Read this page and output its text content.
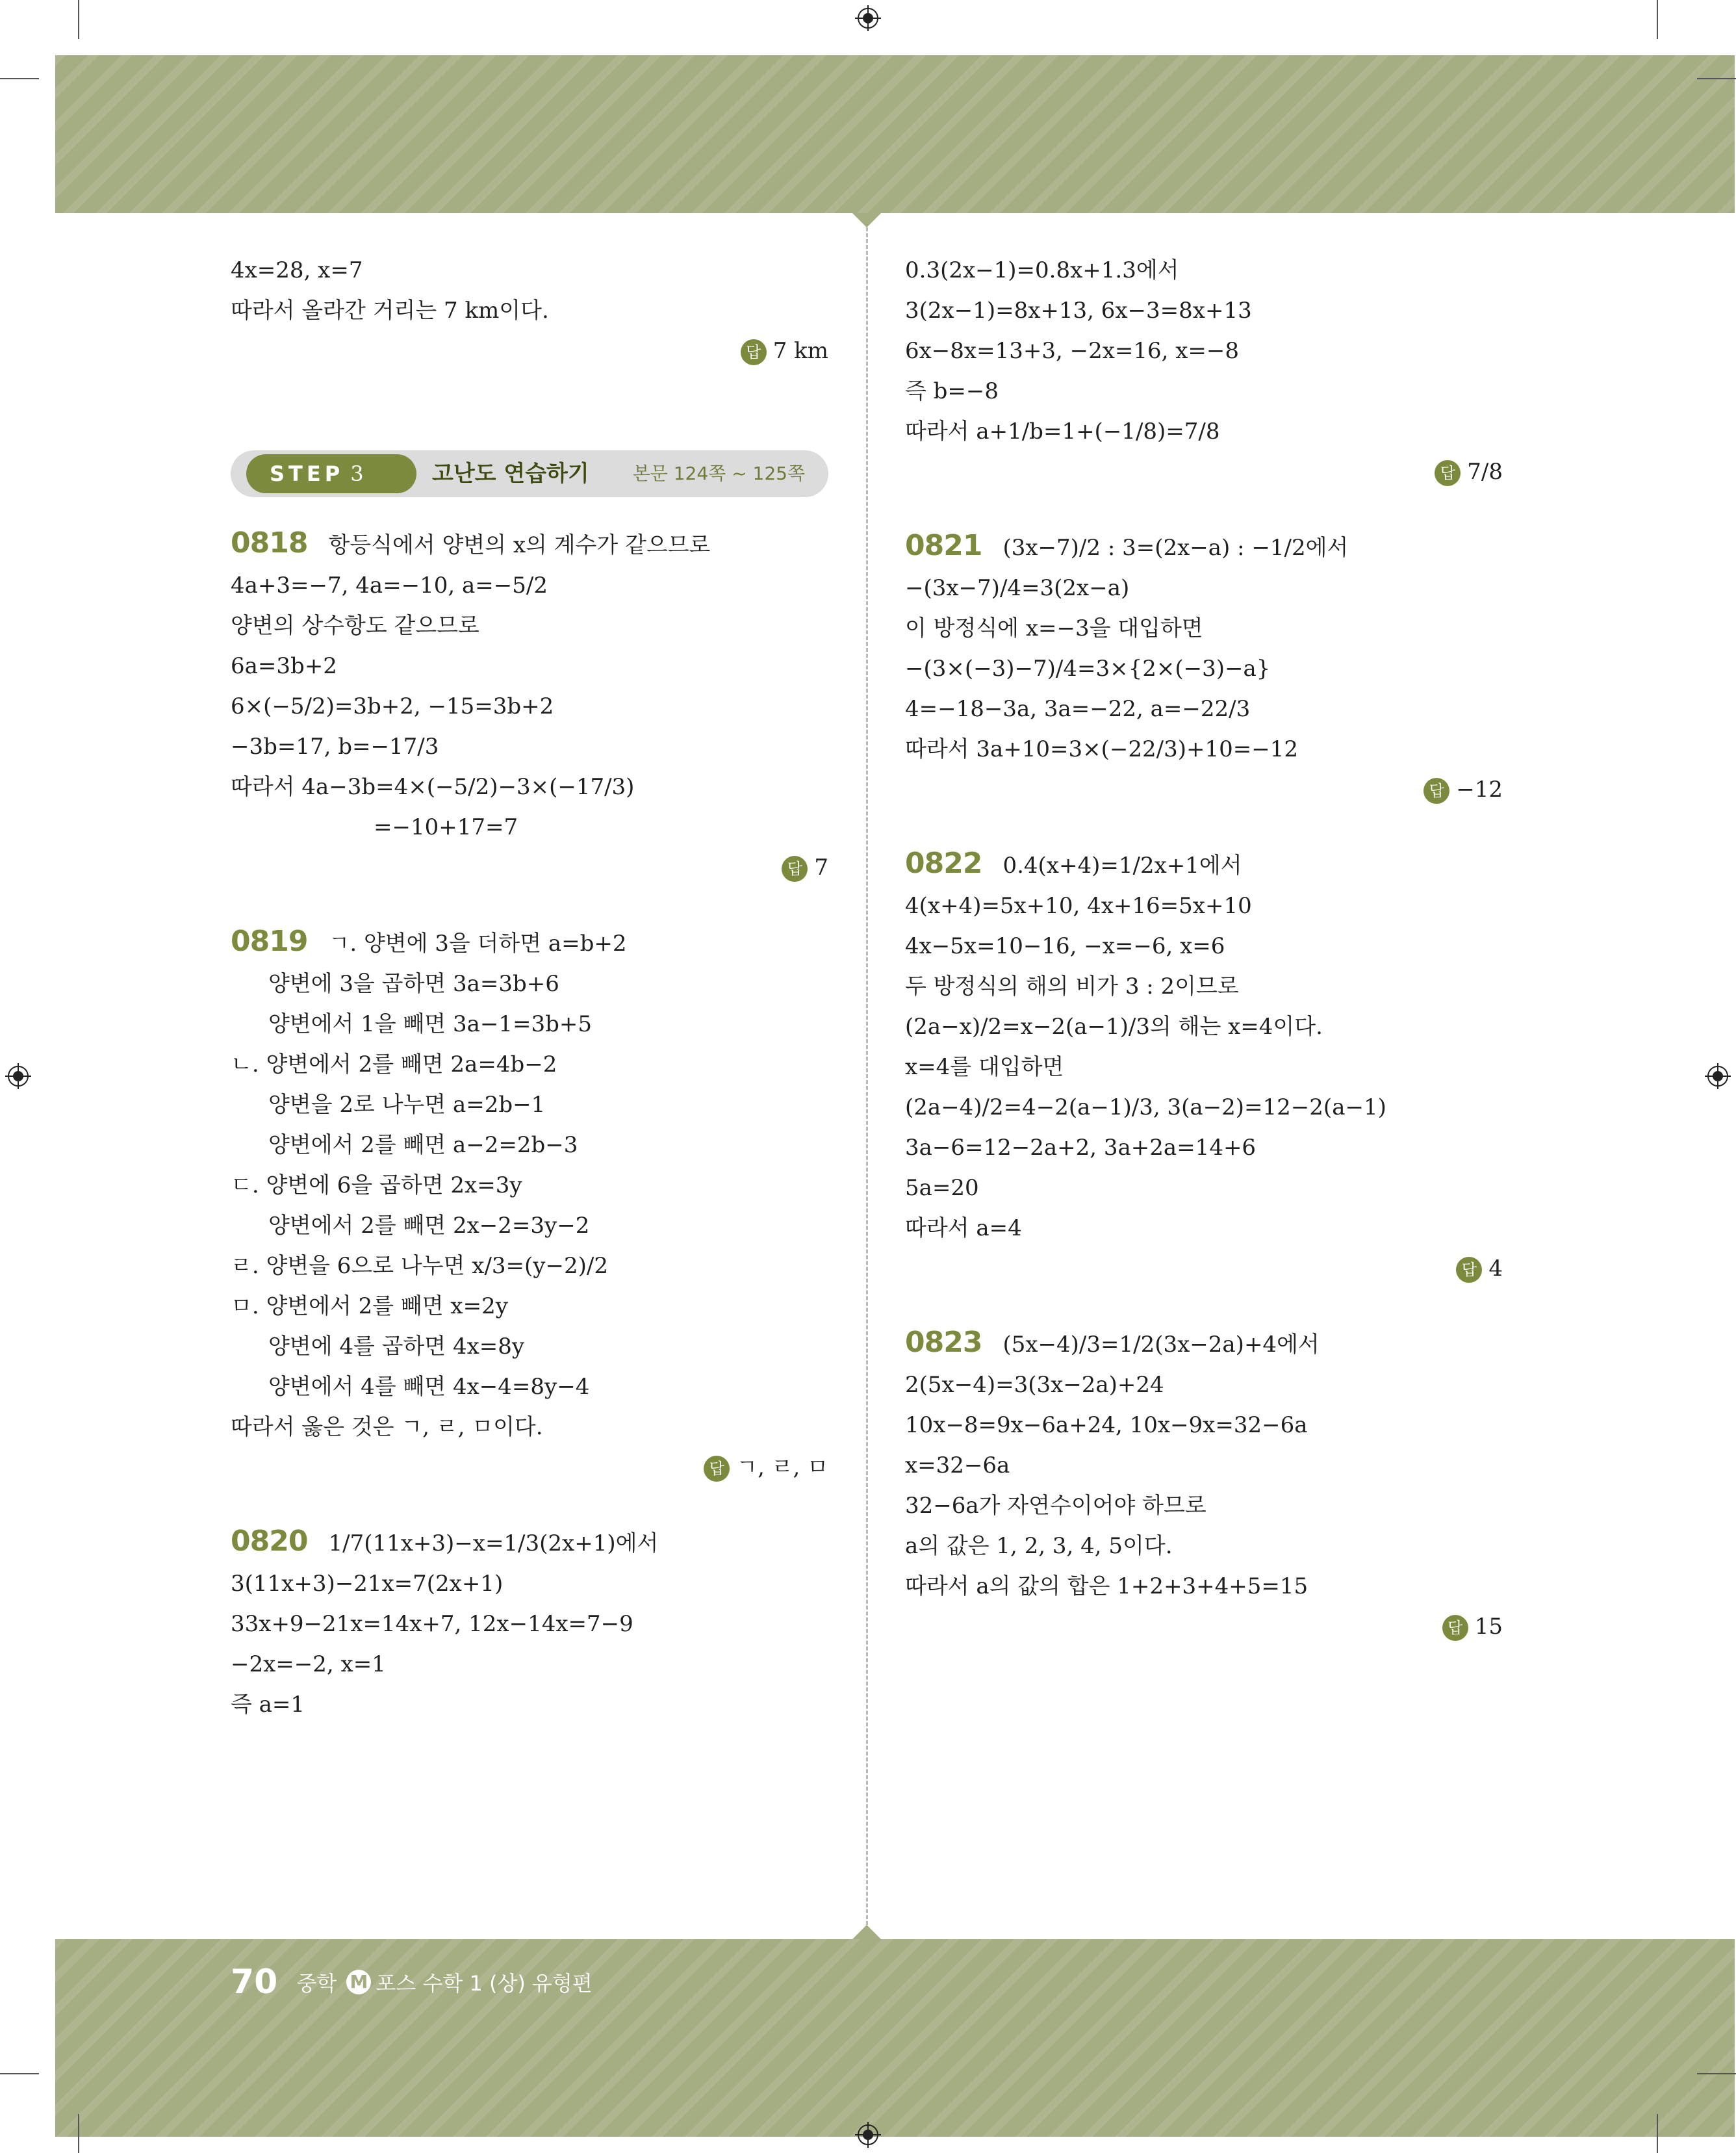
4x=28, x=7
따라서 올라간 거리는 7 km이다.
답 7 km
STEP 3	고난도 연습하기 본문 124쪽 ~ 125쪽
0818 항등식에서 양변의 x의 계수가 같으므로
4a+3=−7, 4a=−10, a=−5/2
양변의 상수항도 같으므로
6a=3b+2
6×(−5/2)=3b+2, −15=3b+2
−3b=17, b=−17/3
따라서 4a−3b=4×(−5/2)−3×(−17/3)
=−10+17=7
답 7
0819 ㄱ. 양변에 3을 더하면 a=b+2
양변에 3을 곱하면 3a=3b+6
양변에서 1을 빼면 3a−1=3b+5
ㄴ. 양변에서 2를 빼면 2a=4b−2
양변을 2로 나누면 a=2b−1
양변에서 2를 빼면 a−2=2b−3
ㄷ. 양변에 6을 곱하면 2x=3y
양변에서 2를 빼면 2x−2=3y−2
ㄹ. 양변을 6으로 나누면 x/3=(y−2)/2
ㅁ. 양변에서 2를 빼면 x=2y
양변에 4를 곱하면 4x=8y
양변에서 4를 빼면 4x−4=8y−4
따라서 옳은 것은 ㄱ, ㄹ, ㅁ이다.
답 ㄱ, ㄹ, ㅁ
0820 1/7(11x+3)−x=1/3(2x+1)에서
3(11x+3)−21x=7(2x+1)
33x+9−21x=14x+7, 12x−14x=7−9
−2x=−2, x=1
즉 a=1
0.3(2x−1)=0.8x+1.3에서
3(2x−1)=8x+13, 6x−3=8x+13
6x−8x=13+3, −2x=16, x=−8
즉 b=−8
따라서 a+1/b=1+(−1/8)=7/8
답 7/8
0821 (3x−7)/2 : 3=(2x−a) : −1/2에서
−(3x−7)/4=3(2x−a)
이 방정식에 x=−3을 대입하면
−(3×(−3)−7)/4=3×{2×(−3)−a}
4=−18−3a, 3a=−22, a=−22/3
따라서 3a+10=3×(−22/3)+10=−12
답 −12
0822 0.4(x+4)=1/2x+1에서
4(x+4)=5x+10, 4x+16=5x+10
4x−5x=10−16, −x=−6, x=6
두 방정식의 해의 비가 3 : 2이므로
(2a−x)/2=x−2(a−1)/3의 해는 x=4이다.
x=4를 대입하면
(2a−4)/2=4−2(a−1)/3, 3(a−2)=12−2(a−1)
3a−6=12−2a+2, 3a+2a=14+6
5a=20
따라서 a=4
답 4
0823 (5x−4)/3=1/2(3x−2a)+4에서
2(5x−4)=3(3x−2a)+24
10x−8=9x−6a+24, 10x−9x=32−6a
x=32−6a
32−6a가 자연수이어야 하므로
a의 값은 1, 2, 3, 4, 5이다.
따라서 a의 값의 합은 1+2+3+4+5=15
답 15
70 중학 M 포스 수학 1 (상) 유형편
